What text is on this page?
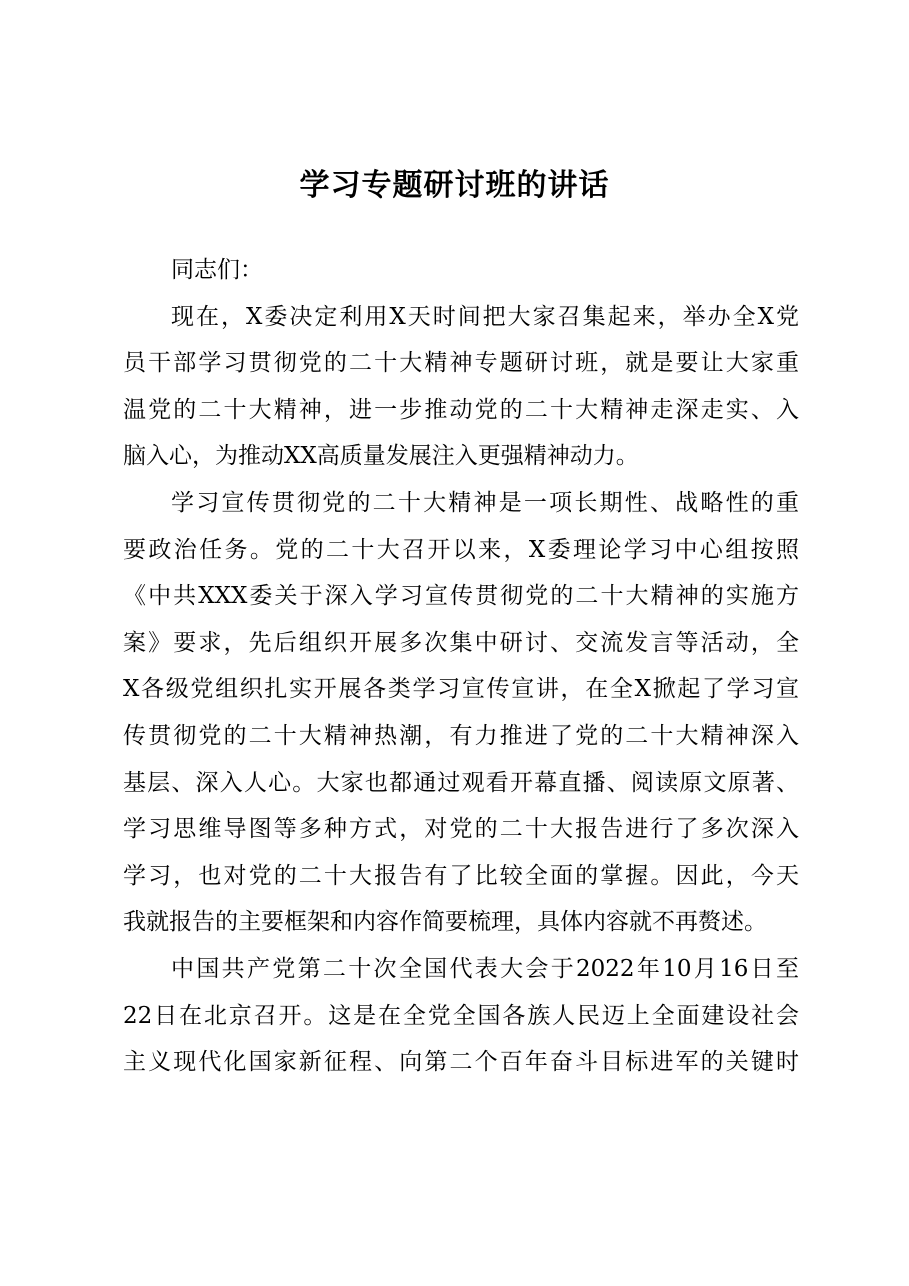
学习专题研讨班的讲话
同志们：
现在，X委决定利用X天时间把大家召集起来，举办全X党
员干部学习贯彻党的二十大精神专题研讨班，就是要让大家重
温党的二十大精神，进一步推动党的二十大精神走深走实、入
脑入心，为推动XX高质量发展注入更强精神动力。
学习宣传贯彻党的二十大精神是一项长期性、战略性的重
要政治任务。党的二十大召开以来，X委理论学习中心组按照
《中共XXX委关于深入学习宣传贯彻党的二十大精神的实施方
案》要求，先后组织开展多次集中研讨、交流发言等活动，全
X各级党组织扎实开展各类学习宣传宣讲，在全X掀起了学习宣
传贯彻党的二十大精神热潮，有力推进了党的二十大精神深入
基层、深入人心。大家也都通过观看开幕直播、阅读原文原著、
学习思维导图等多种方式，对党的二十大报告进行了多次深入
学习，也对党的二十大报告有了比较全面的掌握。因此，今天
我就报告的主要框架和内容作简要梳理，具体内容就不再赘述。
中国共产党第二十次全国代表大会于2022年10月16日至
22日在北京召开。这是在全党全国各族人民迈上全面建设社会
主义现代化国家新征程、向第二个百年奋斗目标进军的关键时
